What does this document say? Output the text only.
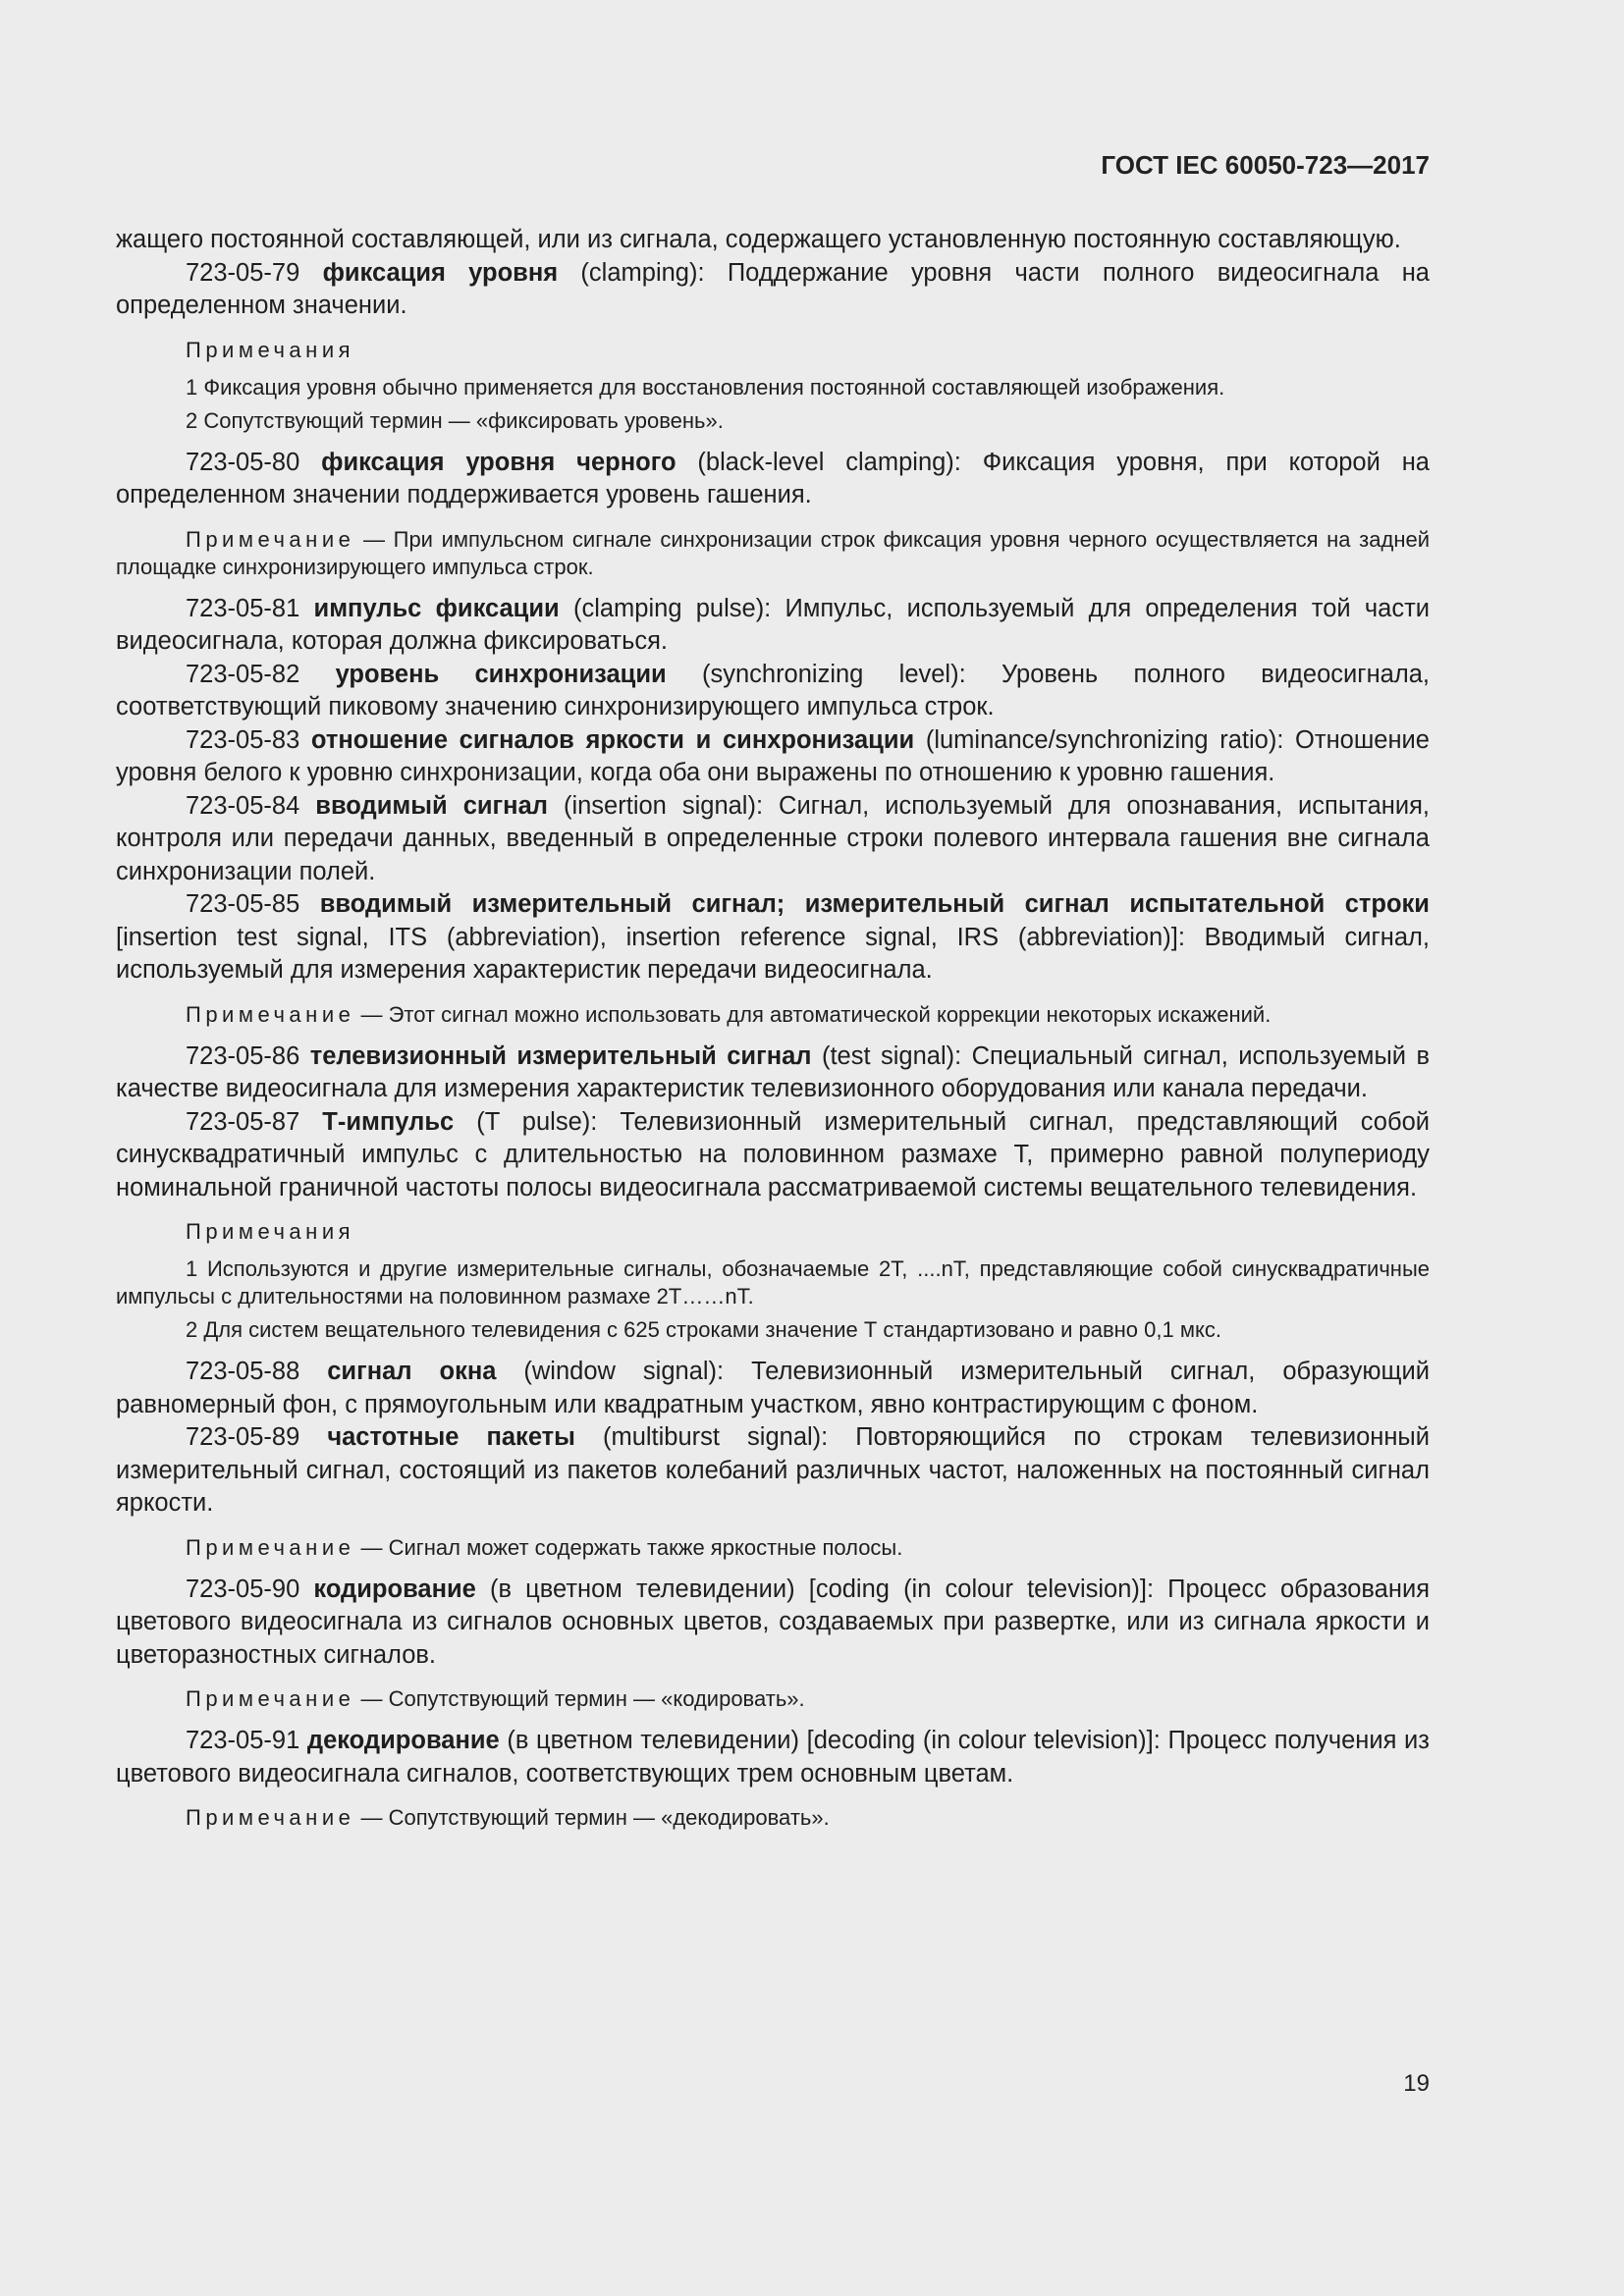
ГОСТ IEC 60050-723—2017

жащего постоянной составляющей, или из сигнала, содержащего установленную постоянную составляющую.

723-05-79 фиксация уровня (clamping): Поддержание уровня части полного видеосигнала на определенном значении.

Примечания

1 Фиксация уровня обычно применяется для восстановления постоянной составляющей изображения.

2 Сопутствующий термин — «фиксировать уровень».

723-05-80 фиксация уровня черного (black-level clamping): Фиксация уровня, при которой на определенном значении поддерживается уровень гашения.

Примечание — При импульсном сигнале синхронизации строк фиксация уровня черного осуществляется на задней площадке синхронизирующего импульса строк.

723-05-81 импульс фиксации (clamping pulse): Импульс, используемый для определения той части видеосигнала, которая должна фиксироваться.

723-05-82 уровень синхронизации (synchronizing level): Уровень полного видеосигнала, соответствующий пиковому значению синхронизирующего импульса строк.

723-05-83 отношение сигналов яркости и синхронизации (luminance/synchronizing ratio): Отношение уровня белого к уровню синхронизации, когда оба они выражены по отношению к уровню гашения.

723-05-84 вводимый сигнал (insertion signal): Сигнал, используемый для опознавания, испытания, контроля или передачи данных, введенный в определенные строки полевого интервала гашения вне сигнала синхронизации полей.

723-05-85 вводимый измерительный сигнал; измерительный сигнал испытательной строки [insertion test signal, ITS (abbreviation), insertion reference signal, IRS (abbreviation)]: Вводимый сигнал, используемый для измерения характеристик передачи видеосигнала.

Примечание — Этот сигнал можно использовать для автоматической коррекции некоторых искажений.

723-05-86 телевизионный измерительный сигнал (test signal): Специальный сигнал, используемый в качестве видеосигнала для измерения характеристик телевизионного оборудования или канала передачи.

723-05-87 Т-импульс (T pulse): Телевизионный измерительный сигнал, представляющий собой синусквадратичный импульс с длительностью на половинном размахе Т, примерно равной полупериоду номинальной граничной частоты полосы видеосигнала рассматриваемой системы вещательного телевидения.

Примечания

1 Используются и другие измерительные сигналы, обозначаемые 2T, ....nT, представляющие собой синусквадратичные импульсы с длительностями на половинном размахе 2T……nT.

2 Для систем вещательного телевидения с 625 строками значение Т стандартизовано и равно 0,1 мкс.

723-05-88 сигнал окна (window signal): Телевизионный измерительный сигнал, образующий равномерный фон, с прямоугольным или квадратным участком, явно контрастирующим с фоном.

723-05-89 частотные пакеты (multiburst signal): Повторяющийся по строкам телевизионный измерительный сигнал, состоящий из пакетов колебаний различных частот, наложенных на постоянный сигнал яркости.

Примечание — Сигнал может содержать также яркостные полосы.

723-05-90 кодирование (в цветном телевидении) [coding (in colour television)]: Процесс образования цветового видеосигнала из сигналов основных цветов, создаваемых при развертке, или из сигнала яркости и цветоразностных сигналов.

Примечание — Сопутствующий термин — «кодировать».

723-05-91 декодирование (в цветном телевидении) [decoding (in colour television)]: Процесс получения из цветового видеосигнала сигналов, соответствующих трем основным цветам.

Примечание — Сопутствующий термин — «декодировать».

19
